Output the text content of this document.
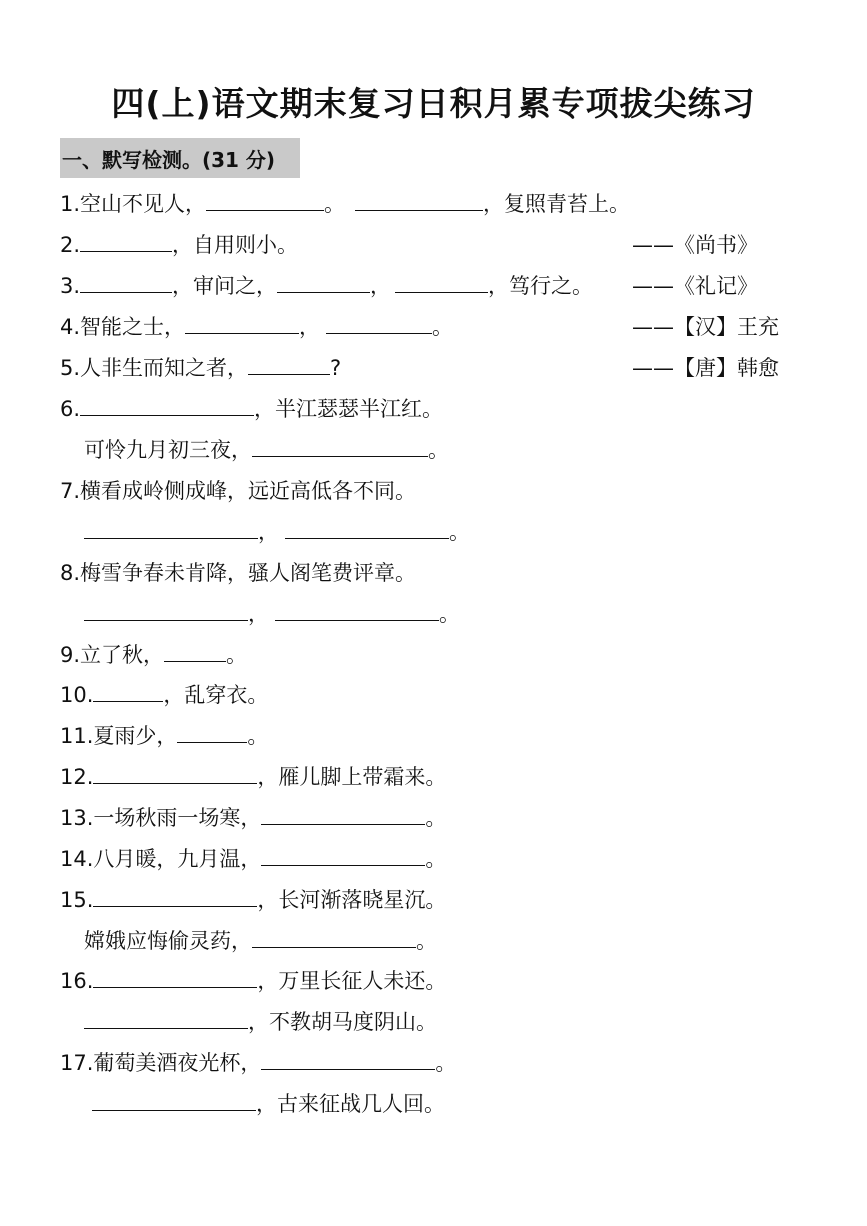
四(上)语文期末复习日积月累专项拔尖练习
一、默写检测。(31 分)
1.空山不见人，	。	，复照青苔上。
2.	，自用则小。	——《尚书》
3.	，审问之，	，	，笃行之。 ——《礼记》
4.智能之士，	，	。	——【汉】王充
5.人非生而知之者，	?	——【唐】韩愈
6.	，半江瑟瑟半江红。
可怜九月初三夜，	。
7.横看成岭侧成峰，远近高低各不同。
，	。
8.梅雪争春未肯降，骚人阁笔费评章。
，	。
9.立了秋，	。
10.	，乱穿衣。
11.夏雨少，	。
12.	，雁儿脚上带霜来。
13.一场秋雨一场寒，	。
14.八月暖，九月温，	。
15.	，长河渐落晓星沉。
嫦娥应悔偷灵药，	。
16.	，万里长征人未还。
，不教胡马度阴山。
17.葡萄美酒夜光杯，	。
，古来征战几人回。
